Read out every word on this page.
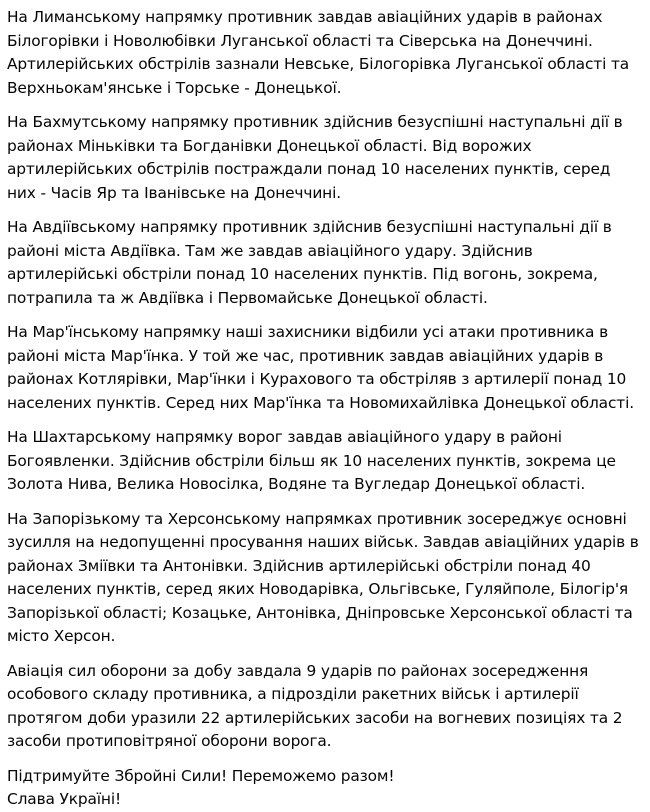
На Лиманському напрямку противник завдав авіаційних ударів в районах Білогорівки і Новолюбівки Луганської області та Сіверська на Донеччині. Артилерійських обстрілів зазнали Невське, Білогорівка Луганської області та Верхньокам'янське і Торське - Донецької.

На Бахмутському напрямку противник здійснив безуспішні наступальні дії в районах Міньківки та Богданівки Донецької області. Від ворожих артилерійських обстрілів постраждали понад 10 населених пунктів, серед них - Часів Яр та Іванівське на Донеччині.

На Авдіївському напрямку противник здійснив безуспішні наступальні дії в районі міста Авдіївка. Там же завдав авіаційного удару. Здійснив артилерійські обстріли понад 10 населених пунктів. Під вогонь, зокрема, потрапила та ж Авдіївка і Первомайське Донецької області.

На Мар'їнському напрямку наші захисники відбили усі атаки противника в районі міста Мар'їнка. У той же час, противник завдав авіаційних ударів в районах Котлярівки, Мар'їнки і Курахового та обстріляв з артилерії понад 10 населених пунктів. Серед них Мар'їнка та Новомихайлівка Донецької області.

На Шахтарському напрямку ворог завдав авіаційного удару в районі Богоявленки. Здійснив обстріли більш як 10 населених пунктів, зокрема це Золота Нива, Велика Новосілка, Водяне та Вугледар Донецької області.

На Запорізькому та Херсонському напрямках противник зосереджує основні зусилля на недопущенні просування наших військ. Завдав авіаційних ударів в районах Зміївки та Антонівки. Здійснив артилерійські обстріли понад 40 населених пунктів, серед яких Новодарівка, Ольгівське, Гуляйполе, Білогір'я Запорізької області; Козацьке, Антонівка, Дніпровське Херсонської області та місто Херсон.

Авіація сил оборони за добу завдала 9 ударів по районах зосередження особового складу противника, а підрозділи ракетних військ і артилерії протягом доби уразили 22 артилерійських засоби на вогневих позиціях та 2 засоби протиповітряної оборони ворога.

Підтримуйте Збройні Сили! Переможемо разом!

Слава Україні!
